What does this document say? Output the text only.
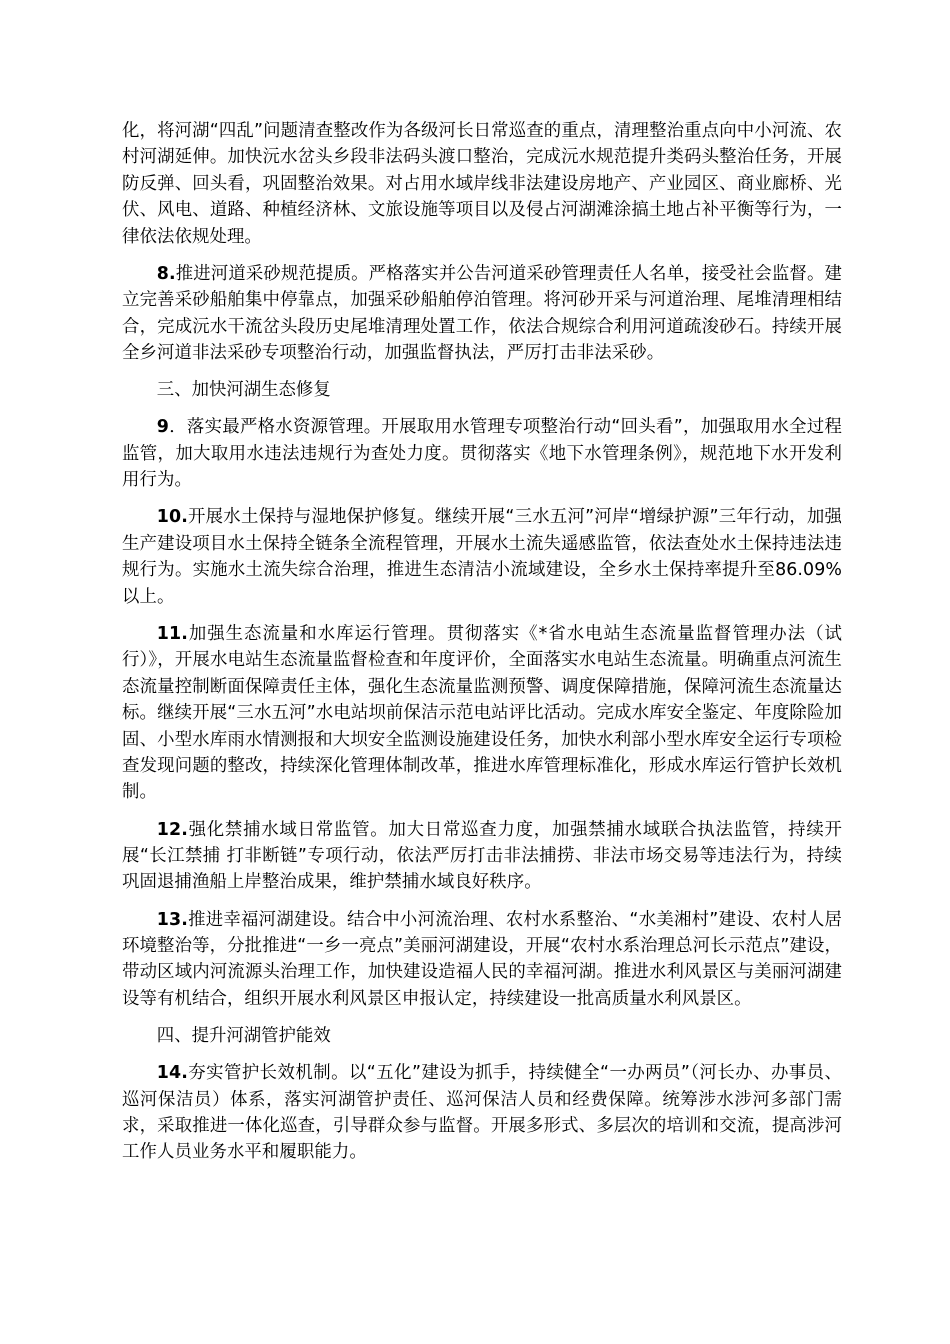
化，将河湖“四乱”问题清查整改作为各级河长日常巡查的重点，清理整治重点向中小河流、农村河湖延伸。加快沅水岔头乡段非法码头渡口整治，完成沅水规范提升类码头整治任务，开展防反弹、回头看，巩固整治效果。对占用水域岸线非法建设房地产、产业园区、商业廊桥、光伏、风电、道路、种植经济林、文旅设施等项目以及侵占河湖滩涂搞土地占补平衡等行为，一律依法依规处理。

8.推进河道采砂规范提质。严格落实并公告河道采砂管理责任人名单，接受社会监督。建立完善采砂船舶集中停靠点，加强采砂船舶停泊管理。将河砂开采与河道治理、尾堆清理相结合，完成沅水干流岔头段历史尾堆清理处置工作，依法合规综合利用河道疏浚砂石。持续开展全乡河道非法采砂专项整治行动，加强监督执法，严厉打击非法采砂。

三、加快河湖生态修复

9．落实最严格水资源管理。开展取用水管理专项整治行动“回头看”，加强取用水全过程监管，加大取用水违法违规行为查处力度。贯彻落实《地下水管理条例》，规范地下水开发利用行为。

10.开展水土保持与湿地保护修复。继续开展“三水五河”河岸“增绿护源”三年行动，加强生产建设项目水土保持全链条全流程管理，开展水土流失遥感监管，依法查处水土保持违法违规行为。实施水土流失综合治理，推进生态清洁小流域建设，全乡水土保持率提升至86.09%以上。

11.加强生态流量和水库运行管理。贯彻落实《*省水电站生态流量监督管理办法（试行）》，开展水电站生态流量监督检查和年度评价，全面落实水电站生态流量。明确重点河流生态流量控制断面保障责任主体，强化生态流量监测预警、调度保障措施，保障河流生态流量达标。继续开展“三水五河”水电站坝前保洁示范电站评比活动。完成水库安全鉴定、年度除险加固、小型水库雨水情测报和大坝安全监测设施建设任务，加快水利部小型水库安全运行专项检查发现问题的整改，持续深化管理体制改革，推进水库管理标准化，形成水库运行管护长效机制。

12.强化禁捕水域日常监管。加大日常巡查力度，加强禁捕水域联合执法监管，持续开展“长江禁捕 打非断链”专项行动，依法严厉打击非法捕捞、非法市场交易等违法行为，持续巩固退捕渔船上岸整治成果，维护禁捕水域良好秩序。

13.推进幸福河湖建设。结合中小河流治理、农村水系整治、“水美湘村”建设、农村人居环境整治等，分批推进“一乡一亮点”美丽河湖建设，开展“农村水系治理总河长示范点”建设，带动区域内河流源头治理工作，加快建设造福人民的幸福河湖。推进水利风景区与美丽河湖建设等有机结合，组织开展水利风景区申报认定，持续建设一批高质量水利风景区。

四、提升河湖管护能效

14.夯实管护长效机制。以“五化”建设为抓手，持续健全“一办两员”（河长办、办事员、巡河保洁员）体系，落实河湖管护责任、巡河保洁人员和经费保障。统筹涉水涉河多部门需求，采取推进一体化巡查，引导群众参与监督。开展多形式、多层次的培训和交流，提高涉河工作人员业务水平和履职能力。
